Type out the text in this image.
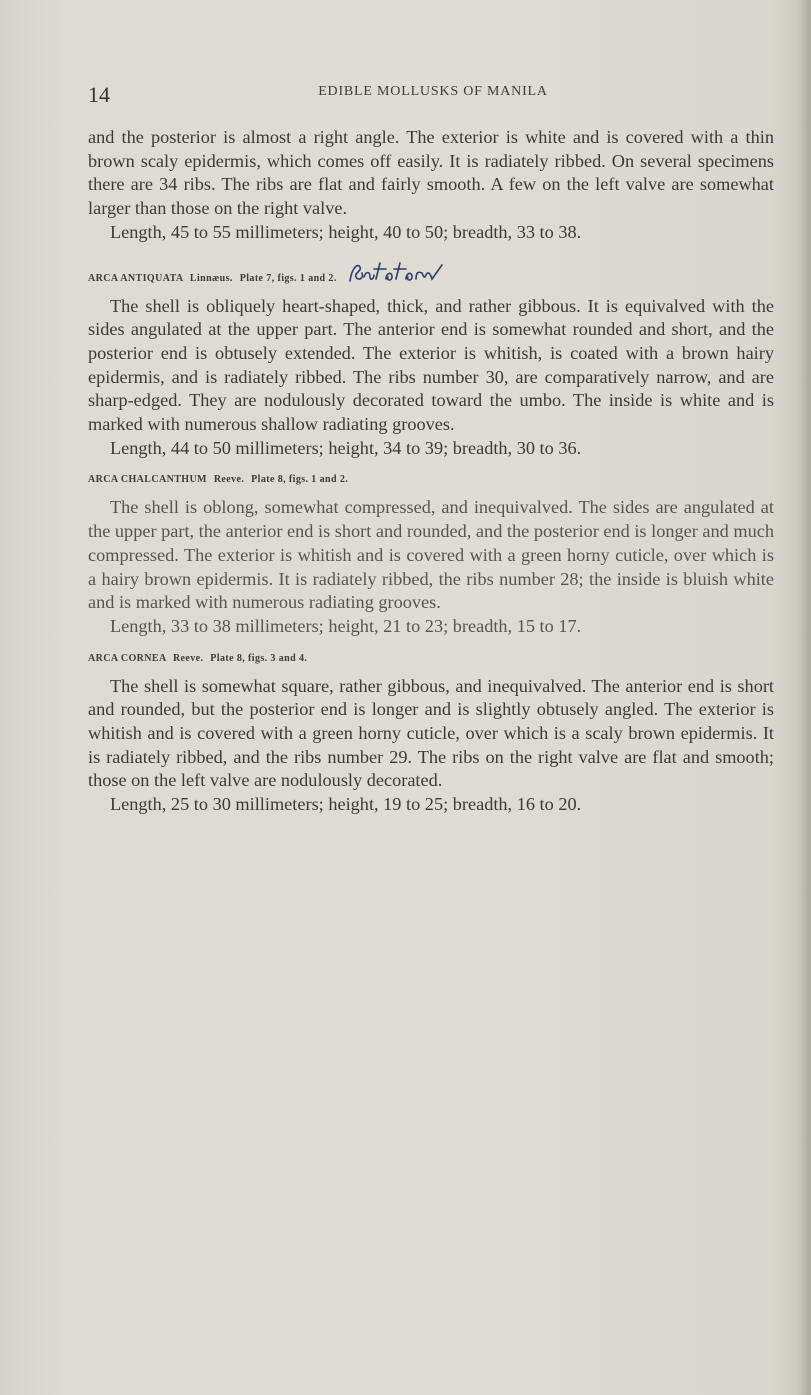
14	EDIBLE MOLLUSKS OF MANILA

and the posterior is almost a right angle. The exterior is white and is covered with a thin brown scaly epidermis, which comes off easily. It is radiately ribbed. On several specimens there are 34 ribs. The ribs are flat and fairly smooth. A few on the left valve are somewhat larger than those on the right valve.

Length, 45 to 55 millimeters; height, 40 to 50; breadth, 33 to 38.

ARCA ANTIQUATA Linnæus. Plate 7, figs. 1 and 2.

The shell is obliquely heart-shaped, thick, and rather gibbous. It is equivalved with the sides angulated at the upper part. The anterior end is somewhat rounded and short, and the posterior end is obtusely extended. The exterior is whitish, is coated with a brown hairy epidermis, and is radiately ribbed. The ribs number 30, are comparatively narrow, and are sharp-edged. They are nodulously decorated toward the umbo. The inside is white and is marked with numerous shallow radiating grooves.

Length, 44 to 50 millimeters; height, 34 to 39; breadth, 30 to 36.

ARCA CHALCANTHUM Reeve. Plate 8, figs. 1 and 2.

The shell is oblong, somewhat compressed, and inequivalved. The sides are angulated at the upper part, the anterior end is short and rounded, and the posterior end is longer and much compressed. The exterior is whitish and is covered with a green horny cuticle, over which is a hairy brown epidermis. It is radiately ribbed, the ribs number 28; the inside is bluish white and is marked with numerous radiating grooves.

Length, 33 to 38 millimeters; height, 21 to 23; breadth, 15 to 17.

ARCA CORNEA Reeve. Plate 8, figs. 3 and 4.

The shell is somewhat square, rather gibbous, and inequivalved. The anterior end is short and rounded, but the posterior end is longer and is slightly obtusely angled. The exterior is whitish and is covered with a green horny cuticle, over which is a scaly brown epidermis. It is radiately ribbed, and the ribs number 29. The ribs on the right valve are flat and smooth; those on the left valve are nodulously decorated.

Length, 25 to 30 millimeters; height, 19 to 25; breadth, 16 to 20.
